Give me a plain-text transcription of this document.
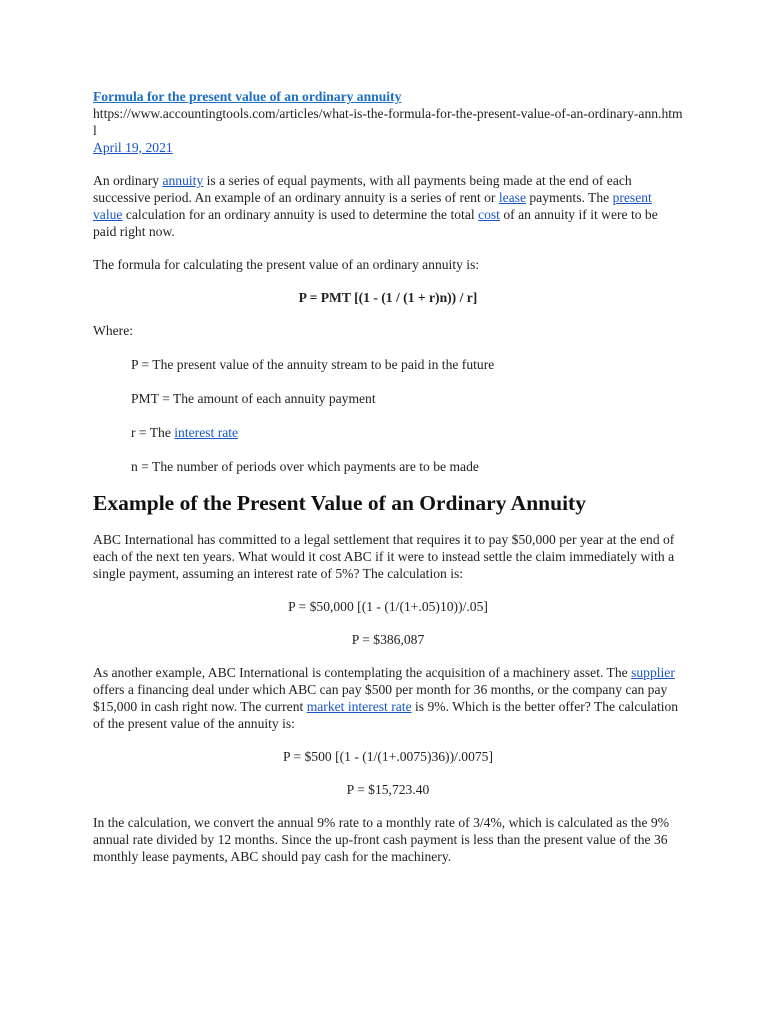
Formula for the present value of an ordinary annuity

https://www.accountingtools.com/articles/what-is-the-formula-for-the-present-value-of-an-ordinary-ann.html

April 19, 2021

An ordinary annuity is a series of equal payments, with all payments being made at the end of each successive period. An example of an ordinary annuity is a series of rent or lease payments. The present value calculation for an ordinary annuity is used to determine the total cost of an annuity if it were to be paid right now.

The formula for calculating the present value of an ordinary annuity is:

P = PMT [(1 - (1 / (1 + r)n)) / r]

Where:

P = The present value of the annuity stream to be paid in the future

PMT = The amount of each annuity payment

r = The interest rate

n = The number of periods over which payments are to be made

Example of the Present Value of an Ordinary Annuity

ABC International has committed to a legal settlement that requires it to pay $50,000 per year at the end of each of the next ten years. What would it cost ABC if it were to instead settle the claim immediately with a single payment, assuming an interest rate of 5%? The calculation is:

P = $50,000 [(1 - (1/(1+.05)10))/.05]

P = $386,087

As another example, ABC International is contemplating the acquisition of a machinery asset. The supplier offers a financing deal under which ABC can pay $500 per month for 36 months, or the company can pay $15,000 in cash right now. The current market interest rate is 9%. Which is the better offer? The calculation of the present value of the annuity is:

P = $500 [(1 - (1/(1+.0075)36))/.0075]

P = $15,723.40

In the calculation, we convert the annual 9% rate to a monthly rate of 3/4%, which is calculated as the 9% annual rate divided by 12 months. Since the up-front cash payment is less than the present value of the 36 monthly lease payments, ABC should pay cash for the machinery.
